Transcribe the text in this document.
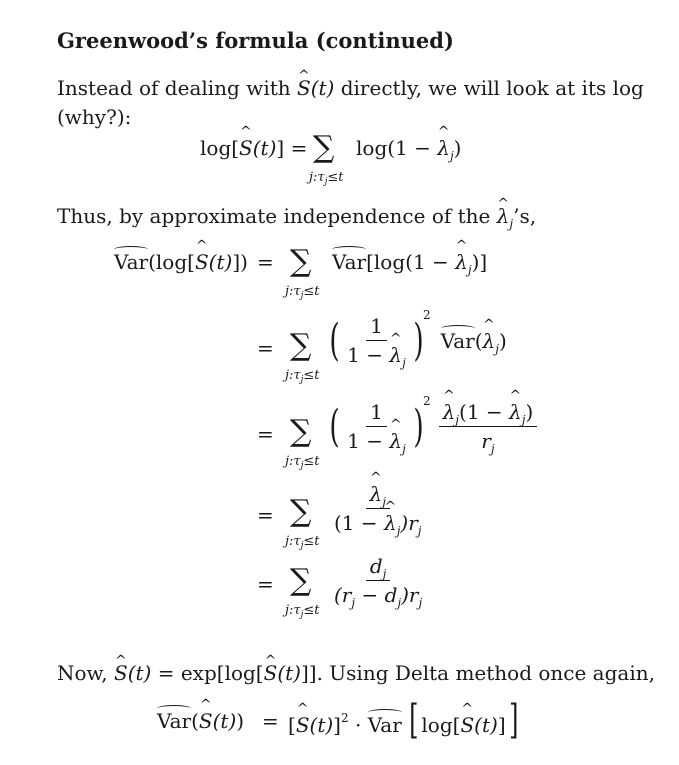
Greenwood’s formula (continued)
Instead of dealing with ^ S(t) directly, we will look at its log
(why?):
log[^ S(t)] = ∑
$j:\tau_j\le t$
log(1 − ^ $\lambda_j$)
Thus, by approximate independence of the ^ $\lambda_j’s$,
Var(log[^ S(t)]) = ∑
$j:\tau_j\le t$
Var[log(1 − ^ $\lambda_j$)]
= ∑
$j:\tau_j\le t$
( $\frac{1}{1 - \^{} \lambda_j}$ ) 2
Var(^ $\lambda_j$)
= ∑
$j:\tau_j\le t$
( $\frac{1}{1 - \^{} \lambda_j}$ ) 2 ^ $\frac{\lambda_j(1 - \^{} \lambda_j)}{r_j}$
= ∑
$j:\tau_j\le t$
^ $\frac{\lambda_j}{(1 - \^{} \lambda_j)r_j}$
= ∑
$j:\tau_j\le t$
$\frac{d_j}{(r_j - d_j)r_j}$
Now, ^ S(t) = exp[log[^ S(t)]]. Using Delta method once again,
Var(^ S(t)) = [^ S(t)]$^2$ · Var [ log[^ S(t)] ]
